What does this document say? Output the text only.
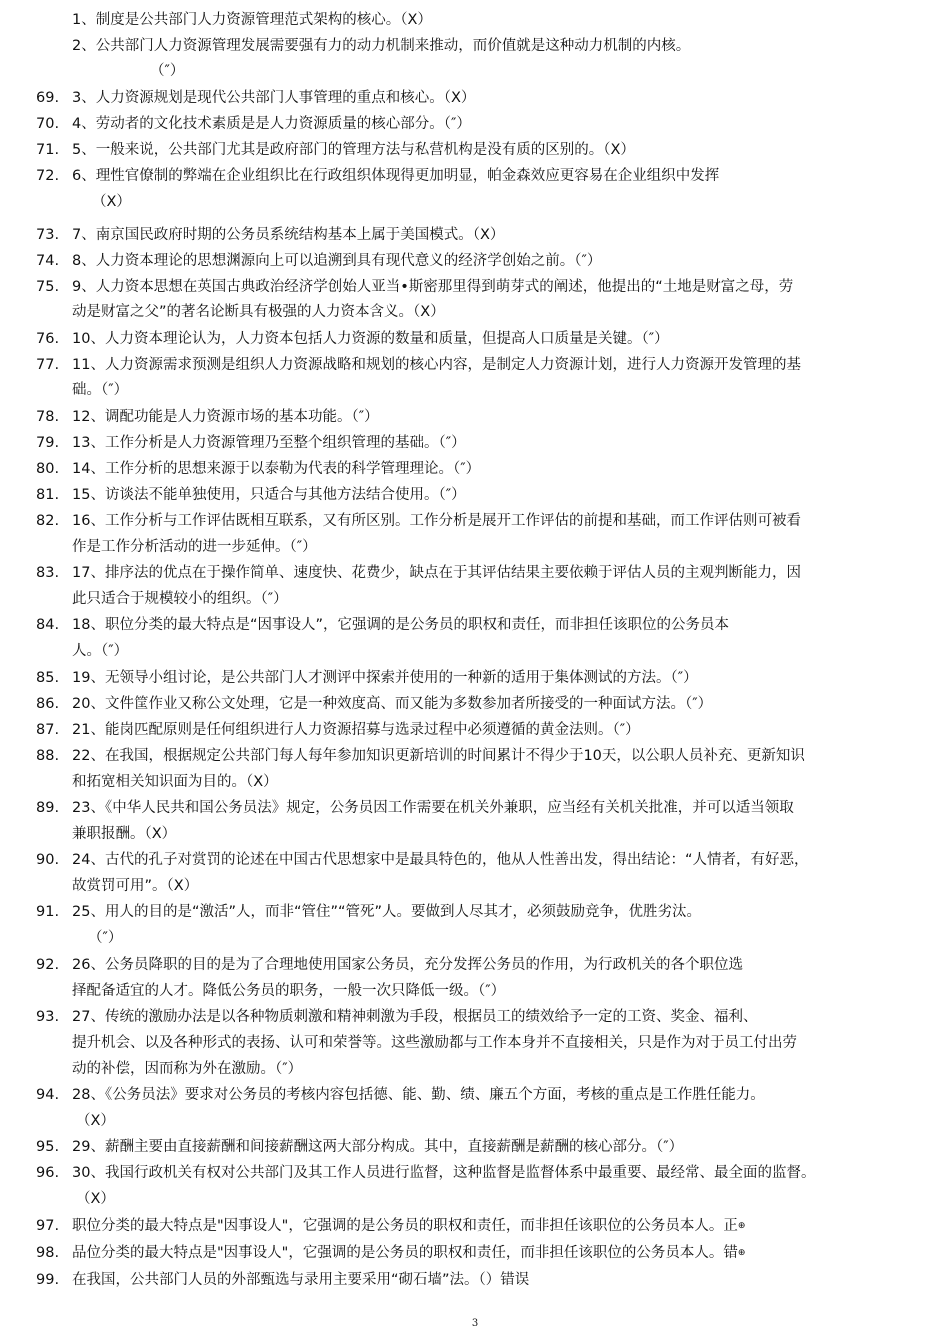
1、制度是公共部门人力资源管理范式架构的核心。（X）
2、公共部门人力资源管理发展需要强有力的动力机制来推动，而价值就是这种动力机制的内核。
（″）
69. 3、人力资源规划是现代公共部门人事管理的重点和核心。（X）
70. 4、劳动者的文化技术素质是是人力资源质量的核心部分。（″）
71. 5、一般来说，公共部门尤其是政府部门的管理方法与私营机构是没有质的区别的。（X）
72. 6、理性官僚制的弊端在企业组织比在行政组织体现得更加明显，帕金森效应更容易在企业组织中发挥
（X）
73. 7、南京国民政府时期的公务员系统结构基本上属于美国模式。（X）
74. 8、人力资本理论的思想渊源向上可以追溯到具有现代意义的经济学创始之前。（″）
75. 9、人力资本思想在英国古典政治经济学创始人亚当•斯密那里得到萌芽式的阐述，他提出的“土地是财富之母，劳
动是财富之父”的著名论断具有极强的人力资本含义。（X）
76. 10、人力资本理论认为，人力资本包括人力资源的数量和质量，但提高人口质量是关键。（″）
77. 11、人力资源需求预测是组织人力资源战略和规划的核心内容，是制定人力资源计划，进行人力资源开发管理的基
础。（″）
78. 12、调配功能是人力资源市场的基本功能。（″）
79. 13、工作分析是人力资源管理乃至整个组织管理的基础。（″）
80. 14、工作分析的思想来源于以泰勒为代表的科学管理理论。（″）
81. 15、访谈法不能单独使用，只适合与其他方法结合使用。（″）
82. 16、工作分析与工作评估既相互联系，又有所区别。工作分析是展开工作评估的前提和基础，而工作评估则可被看
作是工作分析活动的进一步延伸。（″）
83. 17、排序法的优点在于操作简单、速度快、花费少，缺点在于其评估结果主要依赖于评估人员的主观判断能力，因
此只适合于规模较小的组织。（″）
84. 18、职位分类的最大特点是“因事设人”，它强调的是公务员的职权和责任，而非担任该职位的公务员本
人。（″）
85. 19、无领导小组讨论，是公共部门人才测评中探索并使用的一种新的适用于集体测试的方法。（″）
86. 20、文件筐作业又称公文处理，它是一种效度高、而又能为多数参加者所接受的一种面试方法。（″）
87. 21、能岗匹配原则是任何组织进行人力资源招募与选录过程中必须遵循的黄金法则。（″）
88. 22、在我国，根据规定公共部门每人每年参加知识更新培训的时间累计不得少于10天，以公职人员补充、更新知识
和拓宽相关知识面为目的。（X）
89. 23、《中华人民共和国公务员法》规定，公务员因工作需要在机关外兼职，应当经有关机关批准，并可以适当领取
兼职报酬。（X）
90. 24、古代的孔子对赏罚的论述在中国古代思想家中是最具特色的，他从人性善出发，得出结论：“人情者，有好恶，
故赏罚可用”。（X）
91. 25、用人的目的是“激活”人，而非“管住”“管死”人。要做到人尽其才，必须鼓励竞争，优胜劣汰。
（″）
92. 26、公务员降职的目的是为了合理地使用国家公务员，充分发挥公务员的作用，为行政机关的各个职位选
择配备适宜的人才。降低公务员的职务，一般一次只降低一级。（″）
93. 27、传统的激励办法是以各种物质刺激和精神刺激为手段，根据员工的绩效给予一定的工资、奖金、福利、
提升机会、以及各种形式的表扬、认可和荣誉等。这些激励都与工作本身并不直接相关，只是作为对于员工付出劳
动的补偿，因而称为外在激励。（″）
94. 28、《公务员法》要求对公务员的考核内容包括德、能、勤、绩、廉五个方面，考核的重点是工作胜任能力。
（X）
95. 29、薪酬主要由直接薪酬和间接薪酬这两大部分构成。其中，直接薪酬是薪酬的核心部分。（″）
96. 30、我国行政机关有权对公共部门及其工作人员进行监督，这种监督是监督体系中最重要、最经常、最全面的监督。
（X）
97. 职位分类的最大特点是"因事设人"，它强调的是公务员的职权和责任，而非担任该职位的公务员本人。正⊕
98. 品位分类的最大特点是"因事设人"，它强调的是公务员的职权和责任，而非担任该职位的公务员本人。错⊕
99. 在我国，公共部门人员的外部甄选与录用主要采用“砌石墙”法。（）错误
3
